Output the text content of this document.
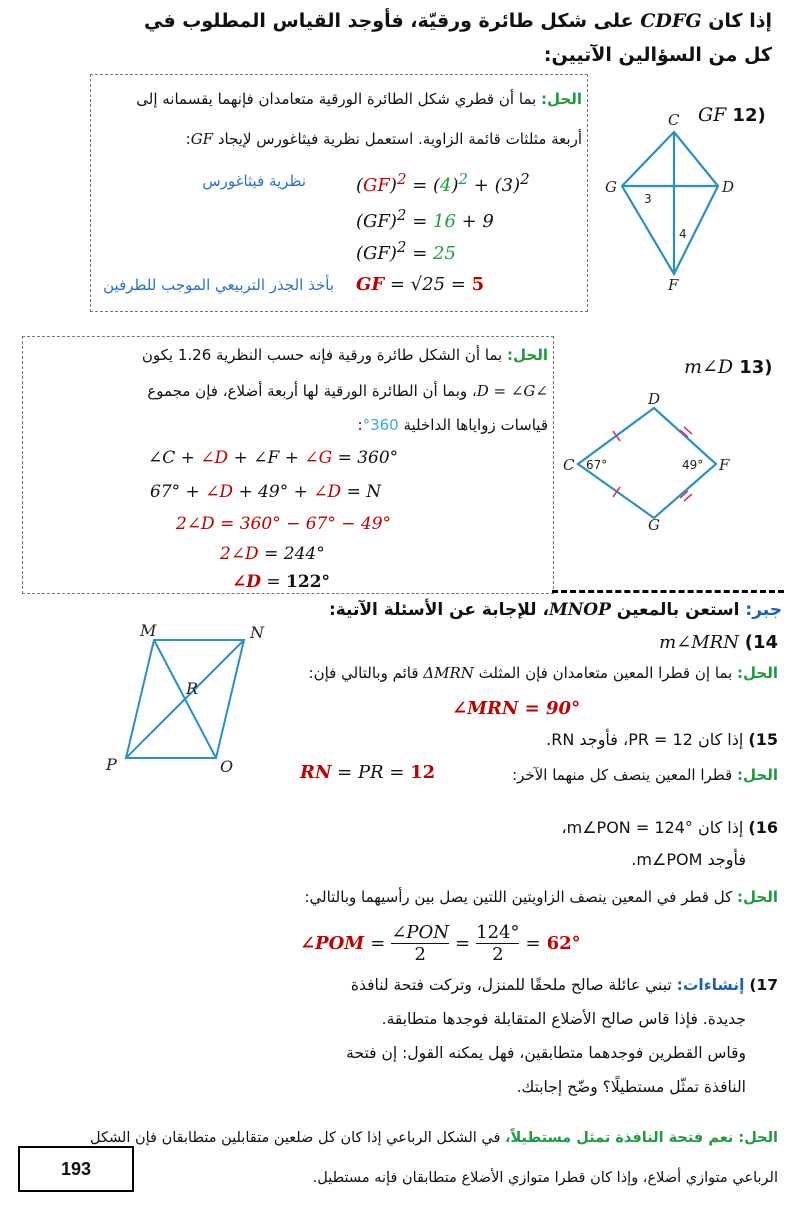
إذا كان CDFG على شكل طائرة ورقيّة، فأوجد القياس المطلوب في
كل من السؤالين الآتيين:
GF 12)
الحل: بما أن قطري شكل الطائرة الورقية متعامدان فإنهما يقسمانه إلى
أربعة مثلثات قائمة الزاوية. استعمل نظرية فيثاغورس لإيجاد GF:
$(GF)^2 = (4)^2 + (3)^2$
نظرية فيثاغورس
(GF)$^2$ = 16 + 9
(GF)$^2$ = 25
GF = √25 = 5
بأخذ الجذر التربيعي الموجب للطرفين
C
D
F
G
3
4
m∠D 13)
الحل: بما أن الشكل طائرة ورقية فإنه حسب النظرية 1.26 يكون
∠D = ∠G، وبما أن الطائرة الورقية لها أربعة أضلاع، فإن مجموع
قياسات زواياها الداخلية 360°:
∠C + ∠D + ∠F + ∠G = 360°
67° + ∠D + 49° + ∠D = N
2∠D = 360° − 67° − 49°
2∠D = 244°
∠D = 122°
D
F
G
C 67°	49°
جبر: استعن بالمعين MNOP، للإجابة عن الأسئلة الآتية:
M	N
R
P	O
14) m∠MRN
الحل: بما إن قطرا المعين متعامدان فإن المثلث ΔMRN قائم وبالتالي فإن:
∠MRN = 90°
15) إذا كان PR = 12، فأوجد RN.
الحل: قطرا المعين ينصف كل منهما الآخر:
RN = PR = 12
16) إذا كان m∠PON = 124°،
فأوجد m∠POM.
الحل: كل قطر في المعين ينصف الزاويتين اللتين يصل بين رأسيهما وبالتالي:
∠POM =
∠PON
2
= $\frac{124^\circ}{2} = 62^\circ$
17) إنشاءات: تبني عائلة صالح ملحقًا للمنزل، وتركت فتحة لنافذة
جديدة. فإذا قاس صالح الأضلاع المتقابلة فوجدها متطابقة.
وقاس القطرين فوجدهما متطابقين، فهل يمكنه القول: إن فتحة
النافذة تمثّل مستطيلًا؟ وضّح إجابتك.
الحل: نعم فتحة النافذة تمثل مستطيلاً، في الشكل الرباعي إذا كان كل ضلعين متقابلين متطابقان فإن الشكل
الرباعي متوازي أضلاع، وإذا كان قطرا متوازي الأضلاع متطابقان فإنه مستطيل.
193
